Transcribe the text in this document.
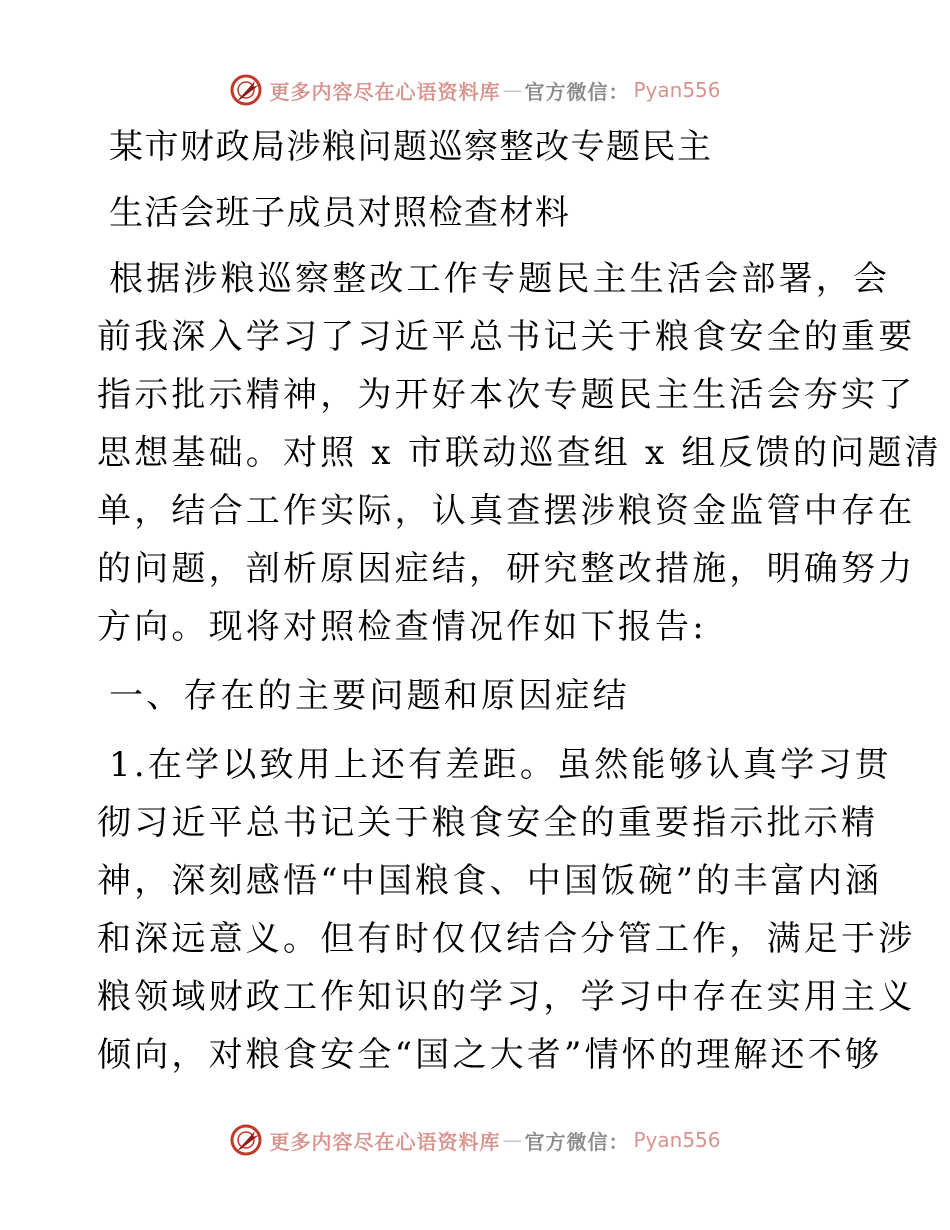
更多内容尽在心语资料库 — 官方微信： Pyan556
某市财政局涉粮问题巡察整改专题民主
生活会班子成员对照检查材料
根据涉粮巡察整改工作专题民主生活会部署，会
前我深入学习了习近平总书记关于粮食安全的重要
指示批示精神，为开好本次专题民主生活会夯实了
思想基础。对照 x 市联动巡查组 x 组反馈的问题清
单，结合工作实际，认真查摆涉粮资金监管中存在
的问题，剖析原因症结，研究整改措施，明确努力
方向。现将对照检查情况作如下报告:
一、存在的主要问题和原因症结
1.在学以致用上还有差距。虽然能够认真学习贯
彻习近平总书记关于粮食安全的重要指示批示精
神，深刻感悟“中国粮食、中国饭碗”的丰富内涵
和深远意义。但有时仅仅结合分管工作，满足于涉
粮领域财政工作知识的学习，学习中存在实用主义
倾向，对粮食安全“国之大者”情怀的理解还不够
更多内容尽在心语资料库 — 官方微信： Pyan556
